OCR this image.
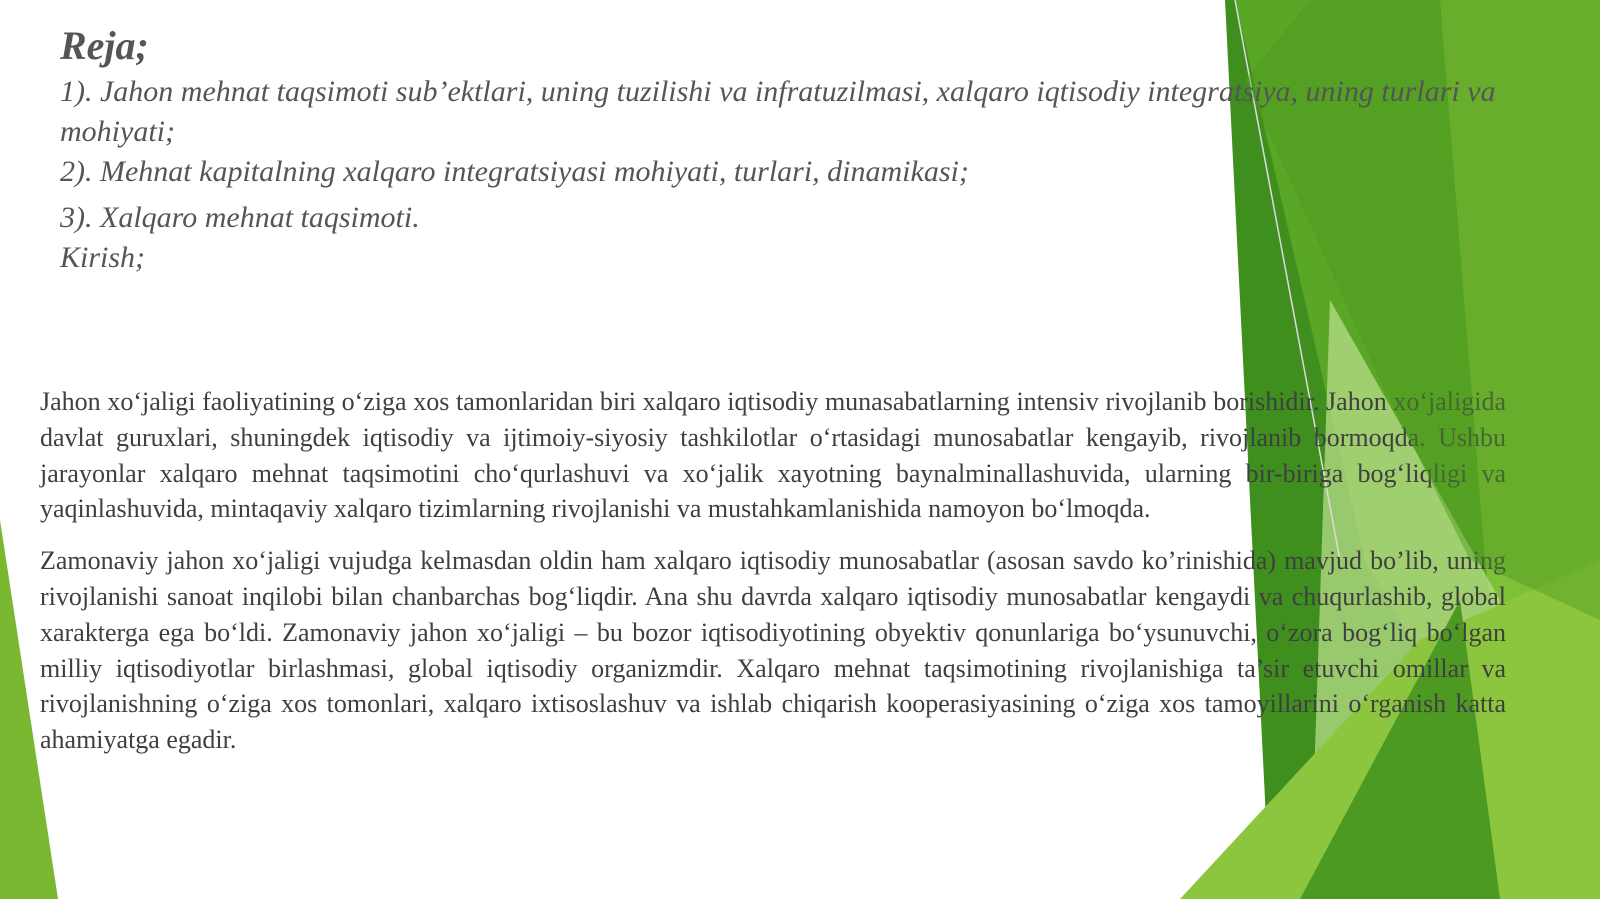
Reja;
1). Jahon mehnat taqsimoti sub’ektlari, uning tuzilishi va infratuzilmasi, xalqaro iqtisodiy integratsiya, uning turlari va mohiyati;
2). Mehnat kapitalning xalqaro integratsiyasi mohiyati, turlari, dinamikasi;
3). Xalqaro mehnat taqsimoti.
Kirish;

Jahon xo‘jaligi faoliyatining o‘ziga xos tamonlaridan biri xalqaro iqtisodiy munasabatlarning intensiv rivojlanib borishidir. Jahon xo‘jaligida davlat guruxlari, shuningdek iqtisodiy va ijtimoiy-siyosiy tashkilotlar o‘rtasidagi munosabatlar kengayib, rivojlanib bormoqda. Ushbu jarayonlar xalqaro mehnat taqsimotini cho‘qurlashuvi va xo‘jalik xayotning baynalminallashuvida, ularning bir-biriga bog‘liqligi va yaqinlashuvida, mintaqaviy xalqaro tizimlarning rivojlanishi va mustahkamlanishida namoyon bo‘lmoqda.

Zamonaviy jahon xo‘jaligi vujudga kelmasdan oldin ham xalqaro iqtisodiy munosabatlar (asosan savdo ko’rinishida) mavjud bo’lib, uning rivojlanishi sanoat inqilobi bilan chanbarchas bog‘liqdir. Ana shu davrda xalqaro iqtisodiy munosabatlar kengaydi va chuqurlashib, global xarakterga ega bo‘ldi. Zamonaviy jahon xo‘jaligi – bu bozor iqtisodiyotining obyektiv qonunlariga bo‘ysunuvchi, o‘zora bog‘liq bo‘lgan milliy iqtisodiyotlar birlashmasi, global iqtisodiy organizmdir. Xalqaro mehnat taqsimotining rivojlanishiga ta’sir etuvchi omillar va rivojlanishning o‘ziga xos tomonlari, xalqaro ixtisoslashuv va ishlab chiqarish kooperasiyasining o‘ziga xos tamoyillarini o‘rganish katta ahamiyatga egadir.
